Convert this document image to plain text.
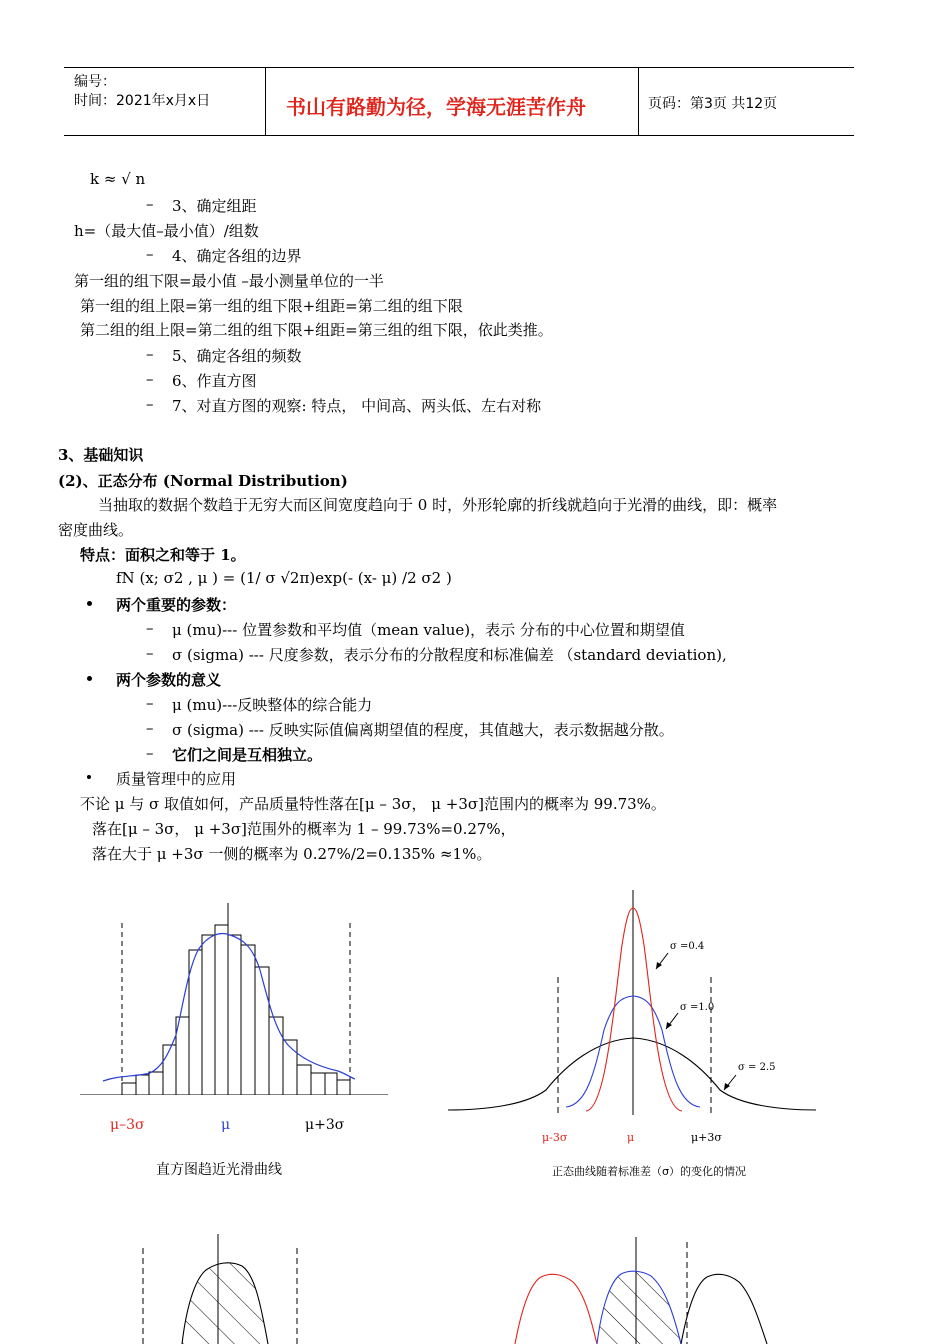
编号：
时间：2021年x月x日	书山有路勤为径，学海无涯苦作舟	页码：第3页 共12页
k ≈ √ n
– 3、确定组距
h=（最大值–最小值）/组数
– 4、确定各组的边界
第一组的组下限=最小值 –最小测量单位的一半
第一组的组上限=第一组的组下限+组距=第二组的组下限
第二组的组上限=第二组的组下限+组距=第三组的组下限，依此类推。
– 5、确定各组的频数
– 6、作直方图
– 7、对直方图的观察: 特点， 中间高、两头低、左右对称
3、基础知识
(2)、正态分布 (Normal Distribution)
当抽取的数据个数趋于无穷大而区间宽度趋向于 0 时，外形轮廓的折线就趋向于光滑的曲线，即：概率
密度曲线。
特点：面积之和等于 1。
fN (x; σ2 , μ ) = (1/ σ √2π)exp(- (x- μ) /2 σ2 )
两个重要的参数：
– μ (mu)--- 位置参数和平均值（mean value)，表示 分布的中心位置和期望值
– σ (sigma) --- 尺度参数，表示分布的分散程度和标准偏差 （standard deviation),
两个参数的意义
– μ (mu)---反映整体的综合能力
– σ (sigma) --- 反映实际值偏离期望值的程度，其值越大，表示数据越分散。
– 它们之间是互相独立。
质量管理中的应用
不论 μ 与 σ 取值如何，产品质量特性落在[μ – 3σ， μ +3σ]范围内的概率为 99.73%。
落在[μ – 3σ， μ +3σ]范围外的概率为 1 – 99.73%=0.27%，
落在大于 μ +3σ 一侧的概率为 0.27%/2=0.135% ≈1%。
μ–3σ	μ	μ+3σ
直方图趋近光滑曲线
σ =0.4
σ =1.0
σ = 2.5
μ-3σ	μ	μ+3σ
正态曲线随着标准差（σ）的变化的情况
